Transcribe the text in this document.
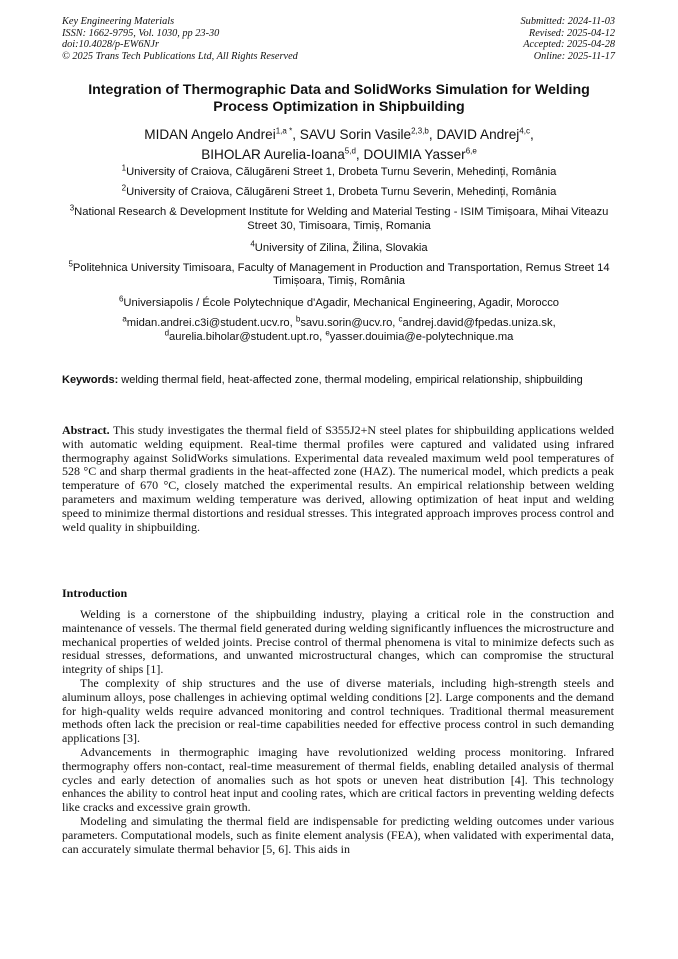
Key Engineering Materials
ISSN: 1662-9795, Vol. 1030, pp 23-30
doi:10.4028/p-EW6NJr
© 2025 Trans Tech Publications Ltd, All Rights Reserved
Submitted: 2024-11-03
Revised: 2025-04-12
Accepted: 2025-04-28
Online: 2025-11-17
Integration of Thermographic Data and SolidWorks Simulation for Welding Process Optimization in Shipbuilding
MIDAN Angelo Andrei$^{1,a *}$, SAVU Sorin Vasile$^{2,3,b}$, DAVID Andrej$^{4,c}$,
BIHOLAR Aurelia-Ioana$^{5,d}$, DOUIMIA Yasser$^{6,e}$
$^1$University of Craiova, Călugăreni Street 1, Drobeta Turnu Severin, Mehedinți, România
$^2$University of Craiova, Călugăreni Street 1, Drobeta Turnu Severin, Mehedinți, România
$^3$National Research & Development Institute for Welding and Material Testing - ISIM Timișoara, Mihai Viteazu Street 30, Timisoara, Timiș, Romania
$^4$University of Zilina, Žilina, Slovakia
$^5$Politehnica University Timisoara, Faculty of Management in Production and Transportation, Remus Street 14 Timișoara, Timiș, România
$^6$Universiapolis / École Polytechnique d'Agadir, Mechanical Engineering, Agadir, Morocco
$^a$midan.andrei.c3i@student.ucv.ro, $^b$savu.sorin@ucv.ro, $^c$andrej.david@fpedas.uniza.sk,
$^d$aurelia.biholar@student.upt.ro, $^e$yasser.douimia@e-polytechnique.ma
Keywords: welding thermal field, heat-affected zone, thermal modeling, empirical relationship, shipbuilding
Abstract. This study investigates the thermal field of S355J2+N steel plates for shipbuilding applications welded with automatic welding equipment. Real-time thermal profiles were captured and validated using infrared thermography against SolidWorks simulations. Experimental data revealed maximum weld pool temperatures of 528 °C and sharp thermal gradients in the heat-affected zone (HAZ). The numerical model, which predicts a peak temperature of 670 °C, closely matched the experimental results. An empirical relationship between welding parameters and maximum welding temperature was derived, allowing optimization of heat input and welding speed to minimize thermal distortions and residual stresses. This integrated approach improves process control and weld quality in shipbuilding.
Introduction

Welding is a cornerstone of the shipbuilding industry, playing a critical role in the construction and maintenance of vessels. The thermal field generated during welding significantly influences the microstructure and mechanical properties of welded joints. Precise control of thermal phenomena is vital to minimize defects such as residual stresses, deformations, and unwanted microstructural changes, which can compromise the structural integrity of ships [1].

The complexity of ship structures and the use of diverse materials, including high-strength steels and aluminum alloys, pose challenges in achieving optimal welding conditions [2]. Large components and the demand for high-quality welds require advanced monitoring and control techniques. Traditional thermal measurement methods often lack the precision or real-time capabilities needed for effective process control in such demanding applications [3].

Advancements in thermographic imaging have revolutionized welding process monitoring. Infrared thermography offers non-contact, real-time measurement of thermal fields, enabling detailed analysis of thermal cycles and early detection of anomalies such as hot spots or uneven heat distribution [4]. This technology enhances the ability to control heat input and cooling rates, which are critical factors in preventing welding defects like cracks and excessive grain growth.

Modeling and simulating the thermal field are indispensable for predicting welding outcomes under various parameters. Computational models, such as finite element analysis (FEA), when validated with experimental data, can accurately simulate thermal behavior [5, 6]. This aids in
